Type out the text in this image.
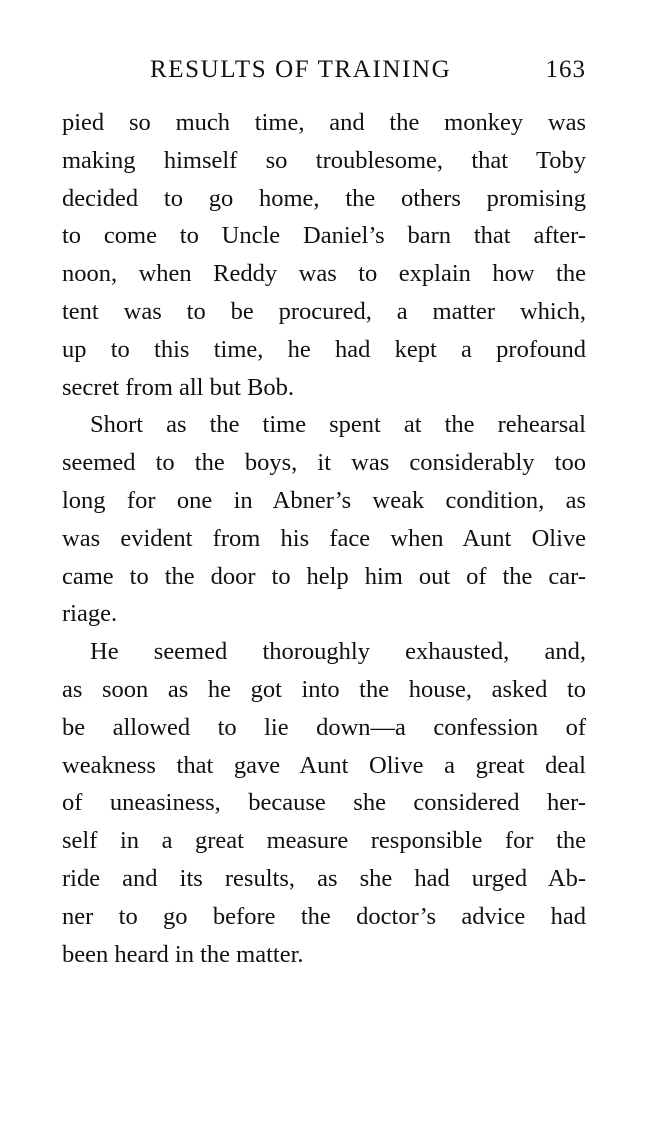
RESULTS OF TRAINING	163
pied so much time, and the monkey was
making himself so troublesome, that Toby
decided to go home, the others promising
to come to Uncle Daniel’s barn that after-
noon, when Reddy was to explain how the
tent was to be procured, a matter which,
up to this time, he had kept a profound
secret from all but Bob.
Short as the time spent at the rehearsal
seemed to the boys, it was considerably too
long for one in Abner’s weak condition, as
was evident from his face when Aunt Olive
came to the door to help him out of the car-
riage.
He seemed thoroughly exhausted, and,
as soon as he got into the house, asked to
be allowed to lie down—a confession of
weakness that gave Aunt Olive a great deal
of uneasiness, because she considered her-
self in a great measure responsible for the
ride and its results, as she had urged Ab-
ner to go before the doctor’s advice had
been heard in the matter.
